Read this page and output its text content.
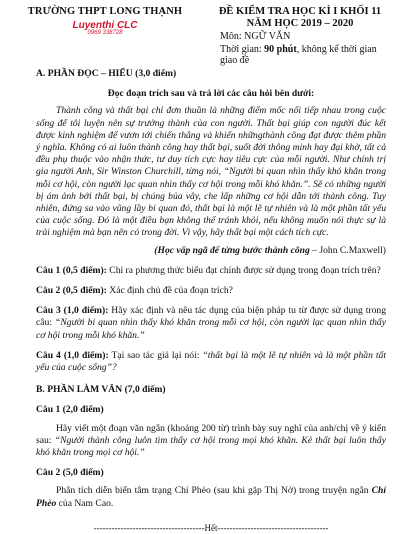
TRƯỜNG THPT LONG THẠNH
Luyenthi CLC
0969 338728
ĐỀ KIỂM TRA HỌC KÌ I KHỐI 11
NĂM HỌC 2019 – 2020
Môn: NGỮ VĂN
Thời gian: 90 phút, không kể thời gian giao đề
A. PHẦN ĐỌC – HIỂU (3,0 điểm)
Đọc đoạn trích sau và trả lời các câu hỏi bên dưới:
Thành công và thất bại chỉ đơn thuần là những điểm mốc nối tiếp nhau trong cuộc sống để tôi luyện nên sự trưởng thành của con người. Thất bại giúp con người đúc kết được kinh nghiệm để vươn tới chiến thắng và khiến nhữngthành công đạt được thêm phần ý nghĩa. Không có ai luôn thành công hay thất bại, suốt đời thông minh hay đại khờ, tất cả đều phụ thuộc vào nhận thức, tư duy tích cực hay tiêu cực của mỗi người. Như chính trị gia người Anh, Sir Winston Churchill, từng nói, “Người bi quan nhìn thấy khó khăn trong mỗi cơ hội, còn người lạc quan nhìn thấy cơ hội trong mỗi khó khăn.”. Sẽ có những người bị ám ảnh bởi thất bại, bị chúng bủa vây, che lấp những cơ hội dẫn tới thành công. Tuy nhiên, đứng sa vào vũng lầy bi quan đó, thất bại là một lẽ tự nhiên và là một phần tất yếu của cuộc sống. Đó là một điều bạn không thể tránh khỏi, nếu không muốn nói thực sự là trải nghiệm mà bạn nên có trong đời. Vì vậy, hãy thất bại một cách tích cực.
(Học vấp ngã để từng bước thành công – John C.Maxwell)
Câu 1 (0,5 điểm): Chỉ ra phương thức biểu đạt chính được sử dụng trong đoạn trích trên?
Câu 2 (0,5 điểm): Xác định chủ đề của đoạn trích?
Câu 3 (1,0 điểm): Hãy xác định và nêu tác dụng của biện pháp tu từ được sử dụng trong câu: “Người bi quan nhìn thấy khó khăn trong mỗi cơ hội, còn người lạc quan nhìn thấy cơ hội trong mỗi khó khăn.”
Câu 4 (1,0 điểm): Tại sao tác giả lại nói: “thất bại là một lẽ tự nhiên và là một phần tất yếu của cuộc sống”?
B. PHẦN LÀM VĂN (7,0 điểm)
Câu 1 (2,0 điểm)
Hãy viết một đoạn văn ngắn (khoảng 200 từ) trình bày suy nghĩ của anh/chị về ý kiến sau: “Người thành công luôn tìm thấy cơ hội trong mọi khó khăn. Kẻ thất bại luôn thấy khó khăn trong mọi cơ hội.”
Câu 2 (5,0 điểm)
Phân tích diễn biến tâm trạng Chí Phèo (sau khi gặp Thị Nở) trong truyện ngắn Chí Phèo của Nam Cao.
-------------------------------------Hết-------------------------------------
